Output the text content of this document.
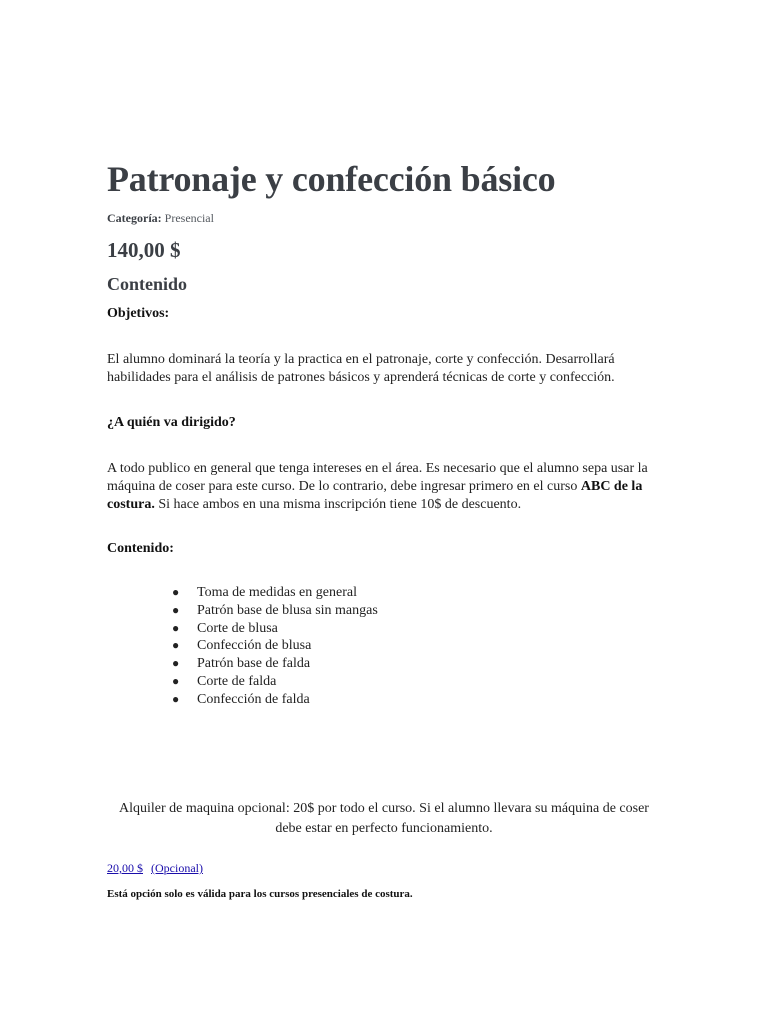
Patronaje y confección básico
Categoría: Presencial
140,00 $
Contenido
Objetivos:

El alumno dominará la teoría y la practica en el patronaje, corte y confección. Desarrollará habilidades para el análisis de patrones básicos y aprenderá técnicas de corte y confección.

¿A quién va dirigido?

A todo publico en general que tenga intereses en el área. Es necesario que el alumno sepa usar la máquina de coser para este curso. De lo contrario, debe ingresar primero en el curso ABC de la costura. Si hace ambos en una misma inscripción tiene 10$ de descuento.

Contenido:
● Toma de medidas en general
● Patrón base de blusa sin mangas
● Corte de blusa
● Confección de blusa
● Patrón base de falda
● Corte de falda
● Confección de falda

Alquiler de maquina opcional: 20$ por todo el curso. Si el alumno llevara su máquina de coser debe estar en perfecto funcionamiento.

20,00 $ (Opcional)
Está opción solo es válida para los cursos presenciales de costura.
